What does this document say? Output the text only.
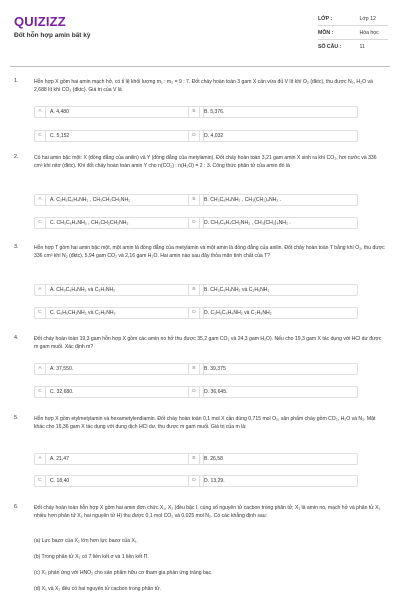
QUIZIZZ
Đốt hỗn hợp amin bất kỳ
LỚP :	Lớp 12
MÔN :	Hóa học
SỐ CÂU :	11
1.	Hỗn hợp X gồm hai amin mạch hở, có tỉ lệ khối lượng m₁ : m₂ = 9 : 7. Đốt cháy hoàn toàn 3 gam X cần vừa đủ V lít khí O₂ (đktc), thu được N₂, H₂O và 2,688 lít khí CO₂ (đktc). Giá trị của V là
A A. 4,480	B B. 5,376.
C C. 5,152	D D. 4,032
2.	Có hai amin bậc một: X (đồng đẳng của anilin) và Y (đồng đẳng của metylamin). Đốt cháy hoàn toàn 3,21 gam amin X sinh ra khí CO₂, hơi nước và 336 cm³ khí nitơ (đktc). Khi đốt cháy hoàn toàn amin Y cho n(CO₂) : n(H₂O) = 2 : 3. Công thức phân tử của amin đó là
A A. C₂H₅C₆H₄NH₂ , CH₃CH₂CH₂NH₂	B B. CH₃C₆H₄NH₂ , CH₃(CH₂)₄NH₂ .
C C. CH₃C₆H₄NH₂ , CH₃CH₂CH₂NH₂	D D. CH₃C₆H₄CH₂NH₂ , CH₃(CH₂)₄NH₂ .
3.	Hỗn hợp T gồm hai amin bậc một, một amin là đồng đẳng của metylamin và một amin là đồng đẳng của anilin. Đốt cháy hoàn toàn T bằng khí O₂, thu được 336 cm³ khí N₂ (đktc), 5,94 gam CO₂ và 2,16 gam H₂O. Hai amin nào sau đây thỏa mãn tính chất của T?
A A. CH₃C₆H₄NH₂ và C₃H₇NH₂	B B. CH₃C₆H₄NH₂ và C₂H₅NH₂
C C. C₆H₅CH₂NH₂ và C₂H₅NH₂	D D. C₂H₅C₆H₄NH₂ và C₂H₅NH₂
4.	Đốt cháy hoàn toàn 19,3 gam hỗn hợp X gồm các amin no hở thu được 35,2 gam CO₂ và 24,3 gam H₂O). Nếu cho 19,3 gam X tác dụng với HCl dư được m gam muối. Xác định m?
A A. 37,550.	B B. 39,375
C C. 32,680.	D D. 36,645.
5.	Hỗn hợp X gồm etylmetylamin và hexametylendiamin. Đốt cháy hoàn toàn 0,1 mol X cần dùng 0,715 mol O₂, sản phẩm cháy gồm CO₂, H₂O và N₂. Mặt khác cho 16,36 gam X tác dụng với dung dịch HCl dư, thu được m gam muối. Giá trị của m là:
A A. 21,47	B B. 26,58
C C. 18,40	D D. 13,29.
6.	Đốt cháy hoàn toàn hỗn hợp X gồm hai amin đơn chức X₁, X₂ (đều bậc I, cùng số nguyên tử cacbon trong phân tử; X₁ là amin no, mạch hở và phân tử X₁ nhiều hơn phân tử X₂ hai nguyên tử H) thu được 0,1 mol CO₂ và 0,025 mol N₂. Có các khẳng định sau:
(a) Lực bazơ của X₂ lớn hơn lực bazơ của X₁.
(b) Trong phân tử X₂ có 7 liên kết σ và 1 liên kết Π.
(c) X₂ phản ứng với HNO₂ cho sản phẩm hữu cơ tham gia phản ứng tráng bạc.
(d) X₁ và X₂ đều có hai nguyên tử cacbon trong phân tử.
